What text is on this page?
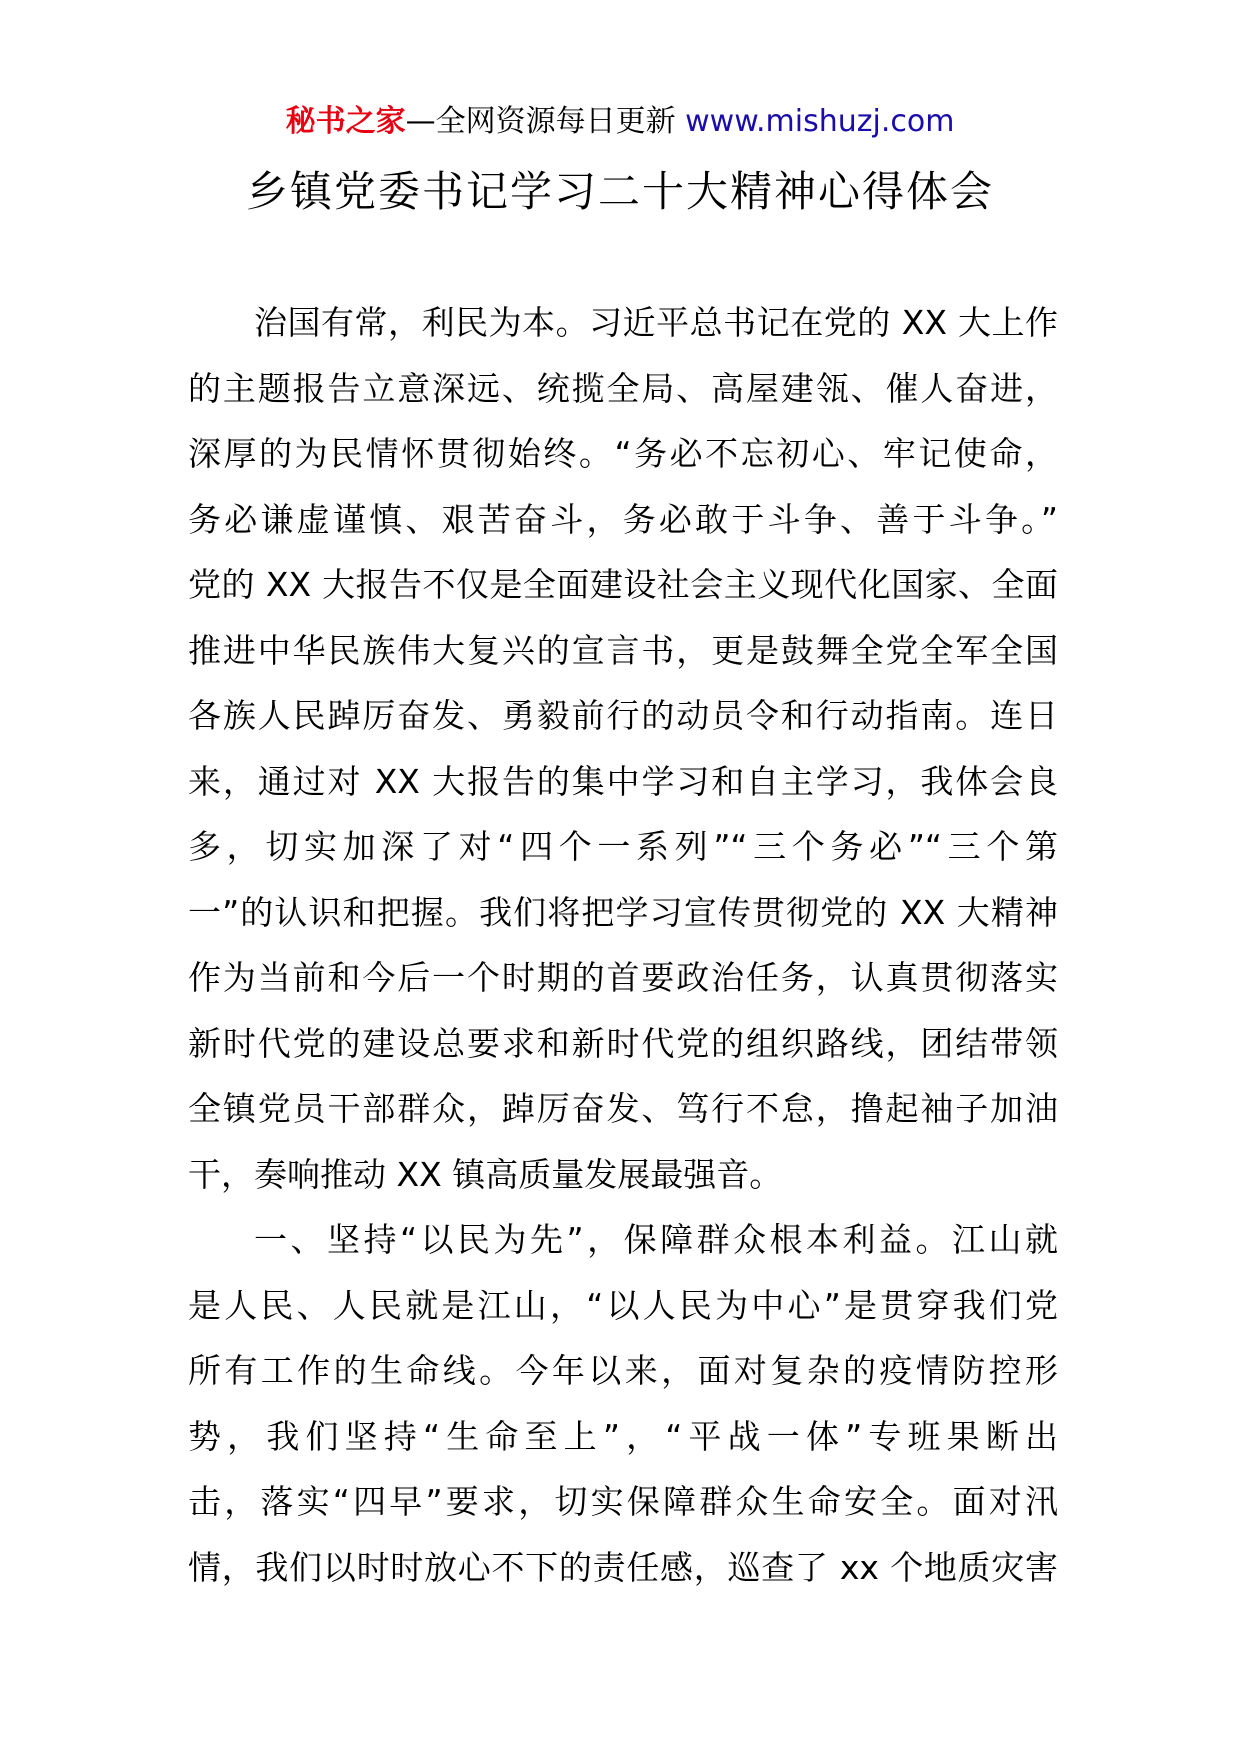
秘书之家—全网资源每日更新 www.mishuzj.com
乡镇党委书记学习二十大精神心得体会
治国有常，利民为本。习近平总书记在党的 XX 大上作
的主题报告立意深远、统揽全局、高屋建瓴、催人奋进，
深厚的为民情怀贯彻始终。“务必不忘初心、牢记使命，
务必谦虚谨慎、艰苦奋斗，务必敢于斗争、善于斗争。”
党的 XX 大报告不仅是全面建设社会主义现代化国家、全面
推进中华民族伟大复兴的宣言书，更是鼓舞全党全军全国
各族人民踔厉奋发、勇毅前行的动员令和行动指南。连日
来，通过对 XX 大报告的集中学习和自主学习，我体会良
多，切实加深了对“四个一系列”“三个务必”“三个第
一”的认识和把握。我们将把学习宣传贯彻党的 XX 大精神
作为当前和今后一个时期的首要政治任务，认真贯彻落实
新时代党的建设总要求和新时代党的组织路线，团结带领
全镇党员干部群众，踔厉奋发、笃行不怠，撸起袖子加油
干，奏响推动 XX 镇高质量发展最强音。
一、坚持“以民为先”，保障群众根本利益。江山就
是人民、人民就是江山，“以人民为中心”是贯穿我们党
所有工作的生命线。今年以来，面对复杂的疫情防控形
势，我们坚持“生命至上”，“平战一体”专班果断出
击，落实“四早”要求，切实保障群众生命安全。面对汛
情，我们以时时放心不下的责任感，巡查了 xx 个地质灾害
